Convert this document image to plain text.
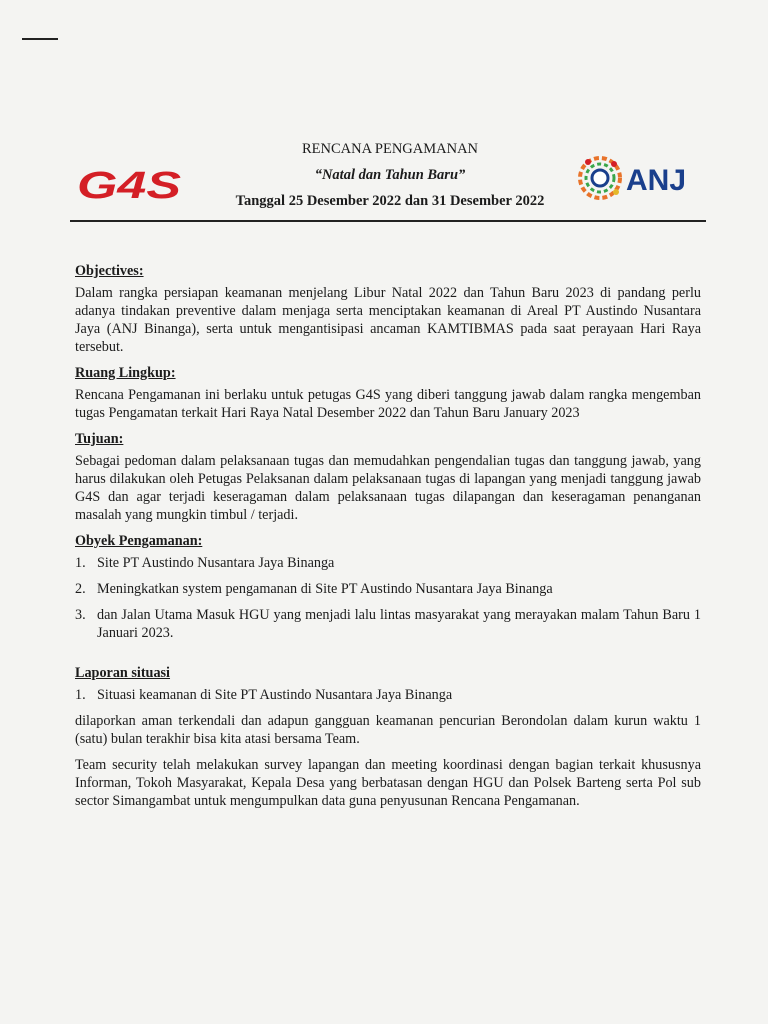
G4S
RENCANA PENGAMANAN
“Natal dan Tahun Baru”
Tanggal 25 Desember 2022 dan 31 Desember 2022
ANJ

Objectives:

Dalam rangka persiapan keamanan menjelang Libur Natal 2022 dan Tahun Baru 2023 di pandang perlu adanya tindakan preventive dalam menjaga serta menciptakan keamanan di Areal PT Austindo Nusantara Jaya (ANJ Binanga), serta untuk mengantisipasi ancaman KAMTIBMAS pada saat perayaan Hari Raya tersebut.

Ruang Lingkup:

Rencana Pengamanan ini berlaku untuk petugas G4S yang diberi tanggung jawab dalam rangka mengemban tugas Pengamatan terkait Hari Raya Natal Desember 2022 dan Tahun Baru January 2023

Tujuan:

Sebagai pedoman dalam pelaksanaan tugas dan memudahkan pengendalian tugas dan tanggung jawab, yang harus dilakukan oleh Petugas Pelaksanan dalam pelaksanaan tugas di lapangan yang menjadi tanggung jawab G4S dan agar terjadi keseragaman dalam pelaksanaan tugas dilapangan dan keseragaman penanganan masalah yang mungkin timbul / terjadi.

Obyek Pengamanan:

1. Site PT Austindo Nusantara Jaya Binanga
2. Meningkatkan system pengamanan di Site PT Austindo Nusantara Jaya Binanga
3. dan Jalan Utama Masuk HGU yang menjadi lalu lintas masyarakat yang merayakan malam Tahun Baru 1 Januari 2023.

Laporan situasi

1. Situasi keamanan di Site PT Austindo Nusantara Jaya Binanga

dilaporkan aman terkendali dan adapun gangguan keamanan pencurian Berondolan dalam kurun waktu 1 (satu) bulan terakhir bisa kita atasi bersama Team.

Team security telah melakukan survey lapangan dan meeting koordinasi dengan bagian terkait khususnya Informan, Tokoh Masyarakat, Kepala Desa yang berbatasan dengan HGU dan Polsek Barteng serta Pol sub sector Simangambat untuk mengumpulkan data guna penyusunan Rencana Pengamanan.
